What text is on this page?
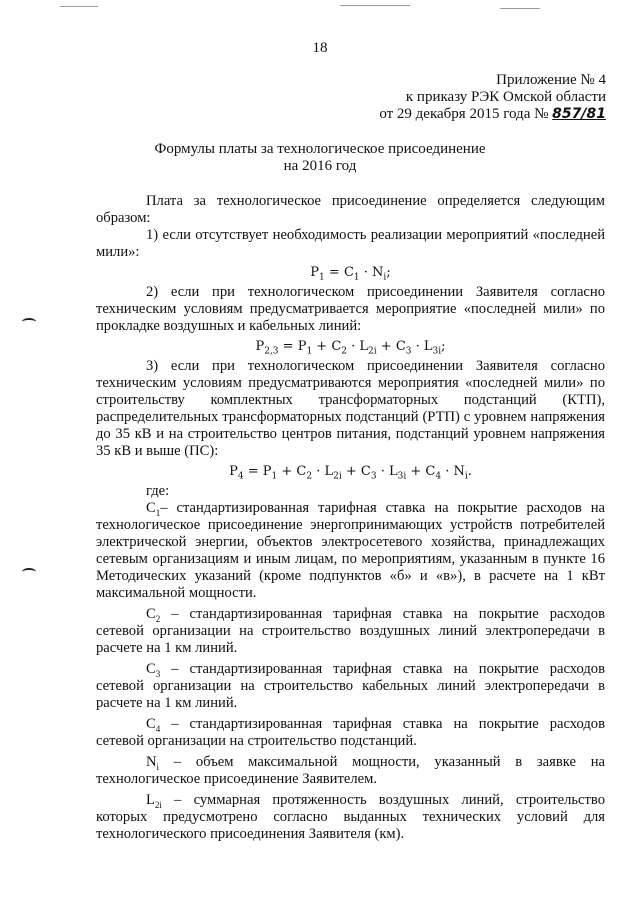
18
Приложение № 4
к приказу РЭК Омской области
от 29 декабря 2015 года № 857/81
Формулы платы за технологическое присоединение
на 2016 год

Плата за технологическое присоединение определяется следующим образом:

1) если отсутствует необходимость реализации мероприятий «последней мили»:

$P_1 = C_1 \cdot N_i$;

2) если при технологическом присоединении Заявителя согласно техническим условиям предусматривается мероприятие «последней мили» по прокладке воздушных и кабельных линий:

$P_{2,3} = P_1 + C_2 \cdot L_{2i} + C_3 \cdot L_{3i}$;

3) если при технологическом присоединении Заявителя согласно техническим условиям предусматриваются мероприятия «последней мили» по строительству комплектных трансформаторных подстанций (КТП), распределительных трансформаторных подстанций (РТП) с уровнем напряжения до 35 кВ и на строительство центров питания, подстанций уровнем напряжения 35 кВ и выше (ПС):

$P_4 = P_1 + C_2 \cdot L_{2i} + C_3 \cdot L_{3i} + C_4 \cdot N_i$.

где:

$C_1-$ стандартизированная тарифная ставка на покрытие расходов на технологическое присоединение энергопринимающих устройств потребителей электрической энергии, объектов электросетевого хозяйства, принадлежащих сетевым организациям и иным лицам, по мероприятиям, указанным в пункте 16 Методических указаний (кроме подпунктов «б» и «в»), в расчете на 1 кВт максимальной мощности.

$C_2$ – стандартизированная тарифная ставка на покрытие расходов сетевой организации на строительство воздушных линий электропередачи в расчете на 1 км линий.

$C_3$ – стандартизированная тарифная ставка на покрытие расходов сетевой организации на строительство кабельных линий электропередачи в расчете на 1 км линий.

$C_4$ – стандартизированная тарифная ставка на покрытие расходов сетевой организации на строительство подстанций.

$N_i$ – объем максимальной мощности, указанный в заявке на технологическое присоединение Заявителем.

$L_{2i}$ – суммарная протяженность воздушных линий, строительство которых предусмотрено согласно выданных технических условий для технологического присоединения Заявителя (км).
